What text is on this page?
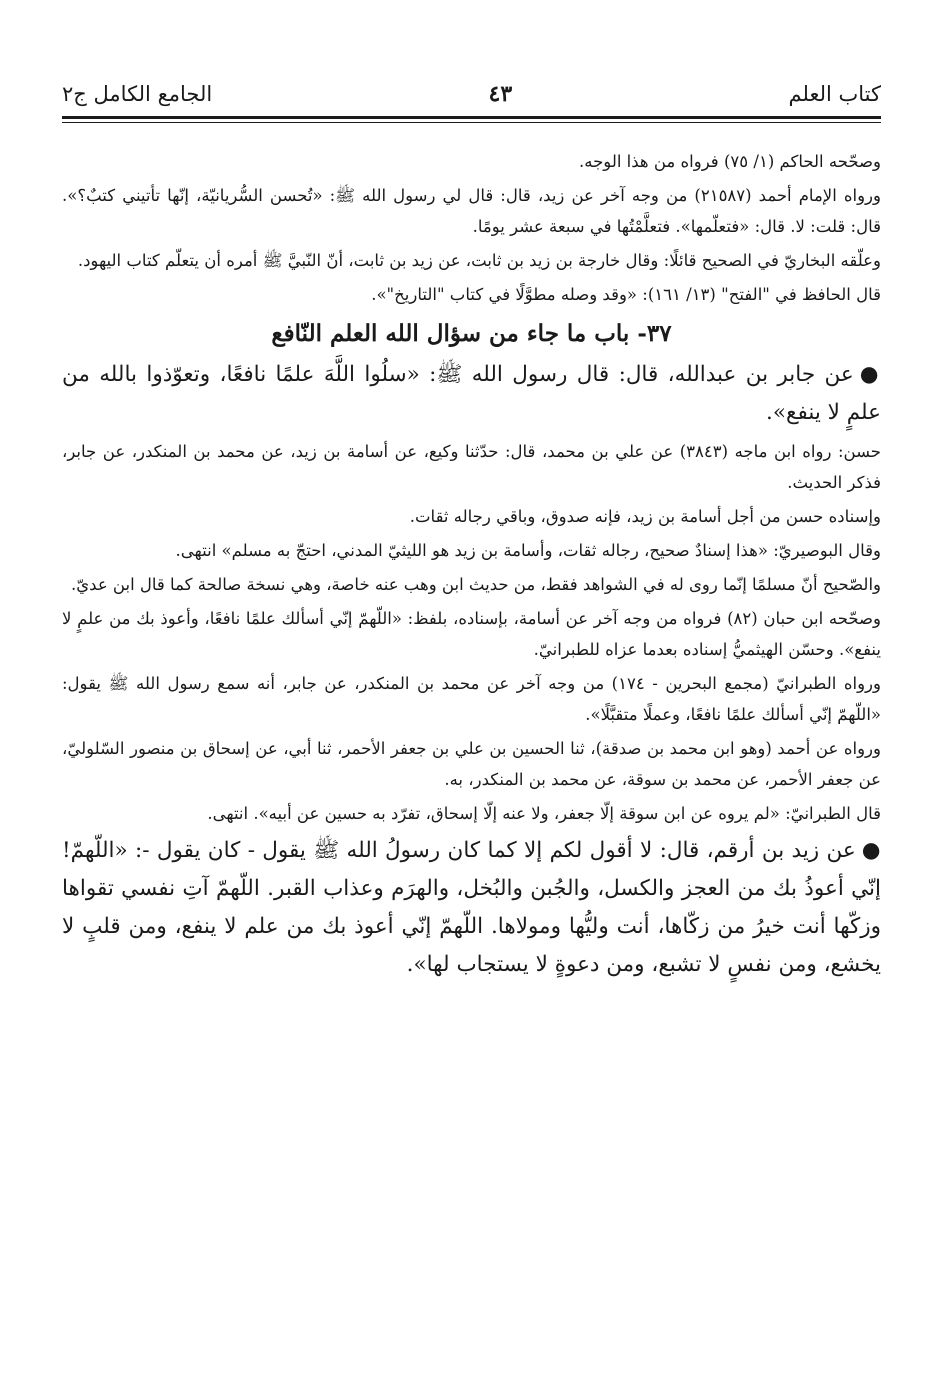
كتاب العلم
٤٣
الجامع الكامل ج٢

وصحّحه الحاكم (١/ ٧٥) فرواه من هذا الوجه.

ورواه الإمام أحمد (٢١٥٨٧) من وجه آخر عن زيد، قال: قال لي رسول الله ﷺ: «تُحسن السُّريانيّة، إنّها تأتيني كتبٌ؟». قال: قلت: لا. قال: «فتعلّمها». فتعلَّمْتُها في سبعة عشر يومًا.

وعلّقه البخاريّ في الصحيح قائلًا: وقال خارجة بن زيد بن ثابت، عن زيد بن ثابت، أنّ النّبيَّ ﷺ أمره أن يتعلّم كتاب اليهود.

قال الحافظ في "الفتح" (١٣/ ١٦١): «وقد وصله مطوَّلًا في كتاب "التاريخ"».

٣٧- باب ما جاء من سؤال الله العلم النّافع

●عن جابر بن عبدالله، قال: قال رسول الله ﷺ: «سلُوا اللَّهَ علمًا نافعًا، وتعوّذوا بالله من علمٍ لا ينفع».

حسن: رواه ابن ماجه (٣٨٤٣) عن علي بن محمد، قال: حدّثنا وكيع، عن أسامة بن زيد، عن محمد بن المنكدر، عن جابر، فذكر الحديث.

وإسناده حسن من أجل أسامة بن زيد، فإنه صدوق، وباقي رجاله ثقات.

وقال البوصيريّ: «هذا إسنادٌ صحيح، رجاله ثقات، وأسامة بن زيد هو الليثيّ المدني، احتجّ به مسلم» انتهى.

والصّحيح أنّ مسلمًا إنّما روى له في الشواهد فقط، من حديث ابن وهب عنه خاصة، وهي نسخة صالحة كما قال ابن عديّ.

وصحّحه ابن حبان (٨٢) فرواه من وجه آخر عن أسامة، بإسناده، بلفظ: «اللّهمّ إنّي أسألك علمًا نافعًا، وأعوذ بك من علمٍ لا ينفع». وحسّن الهيثميُّ إسناده بعدما عزاه للطبرانيّ.

ورواه الطبرانيّ (مجمع البحرين - ١٧٤) من وجه آخر عن محمد بن المنكدر، عن جابر، أنه سمع رسول الله ﷺ يقول: «اللّهمّ إنّي أسألك علمًا نافعًا، وعملًا متقبَّلًا».

ورواه عن أحمد (وهو ابن محمد بن صدقة)، ثنا الحسين بن علي بن جعفر الأحمر، ثنا أبي، عن إسحاق بن منصور السّلوليّ، عن جعفر الأحمر، عن محمد بن سوقة، عن محمد بن المنكدر، به.

قال الطبرانيّ: «لم يروه عن ابن سوقة إلّا جعفر، ولا عنه إلّا إسحاق، تفرّد به حسين عن أبيه». انتهى.

●عن زيد بن أرقم، قال: لا أقول لكم إلا كما كان رسولُ الله ﷺ يقول - كان يقول -: «اللّهمّ! إنّي أعوذُ بك من العجز والكسل، والجُبن والبُخل، والهرَم وعذاب القبر. اللّهمّ آتِ نفسي تقواها وزكّها أنت خيرُ من زكّاها، أنت وليُّها ومولاها. اللّهمّ إنّي أعوذ بك من علم لا ينفع، ومن قلبٍ لا يخشع، ومن نفسٍ لا تشبع، ومن دعوةٍ لا يستجاب لها».
